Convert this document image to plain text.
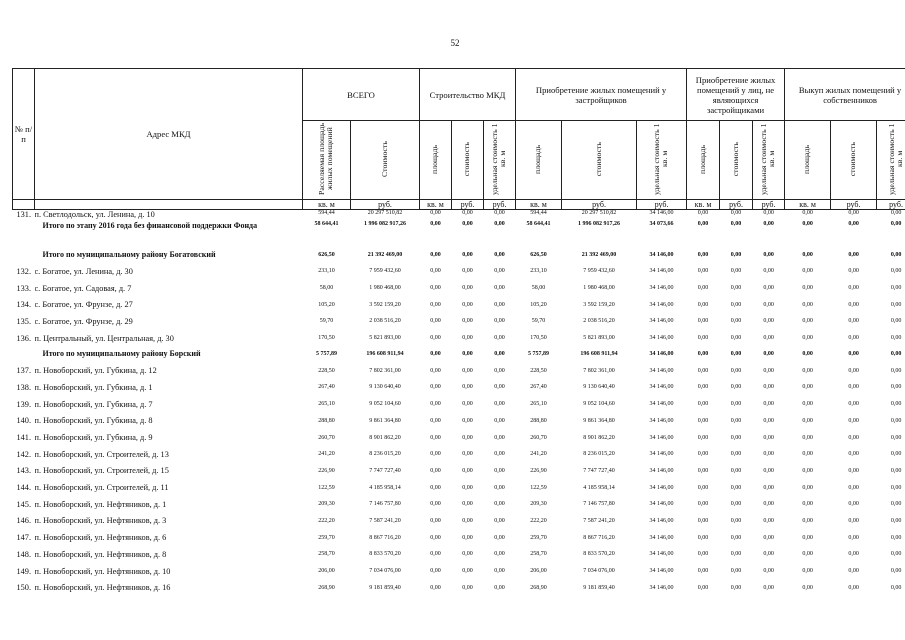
52
№ п/п	Адрес МКД	ВСЕГО		Строительство МКД			Приобретение жилых помещений у застройщиков			Приобретение жилых помещений у лиц, не являющихся застройщиками			Выкуп жилых помещений у собственников		
		Расселяемая площадь жилых помещений	Стоимость	площадь	стоимость	удельная стоимость 1 кв. м	площадь	стоимость	удельная стоимость 1 кв. м	площадь	стоимость	удельная стоимость 1 кв. м	площадь	стоимость	удельная стоимость 1 кв. м
		кв. м	руб.	кв. м	руб.	руб.	кв. м	руб.	руб.	кв. м	руб.	руб.	кв. м	руб.	руб.
131.	п. Светлодольск, ул. Ленина, д. 10	594,44	20 297 510,82	0,00	0,00	0,00	594,44	20 297 510,82	34 146,00	0,00	0,00	0,00	0,00	0,00	0,00
Итого по этапу 2016 года без финансовой поддержки Фонда		58 644,41	1 996 082 917,26	0,00	0,00	0,00	58 644,41	1 996 082 917,26	34 073,66	0,00	0,00	0,00	0,00	0,00	0,00
Итого по муниципальному району Богатовский		626,50	21 392 469,00	0,00	0,00	0,00	626,50	21 392 469,00	34 146,00	0,00	0,00	0,00	0,00	0,00	0,00
132.	с. Богатое, ул. Ленина, д. 30	233,10	7 959 432,60	0,00	0,00	0,00	233,10	7 959 432,60	34 146,00	0,00	0,00	0,00	0,00	0,00	0,00
133.	с. Богатое, ул. Садовая, д. 7	58,00	1 980 468,00	0,00	0,00	0,00	58,00	1 980 468,00	34 146,00	0,00	0,00	0,00	0,00	0,00	0,00
134.	с. Богатое, ул. Фрунзе, д. 27	105,20	3 592 159,20	0,00	0,00	0,00	105,20	3 592 159,20	34 146,00	0,00	0,00	0,00	0,00	0,00	0,00
135.	с. Богатое, ул. Фрунзе, д. 29	59,70	2 038 516,20	0,00	0,00	0,00	59,70	2 038 516,20	34 146,00	0,00	0,00	0,00	0,00	0,00	0,00
136.	п. Центральный, ул. Центральная, д. 30	170,50	5 821 893,00	0,00	0,00	0,00	170,50	5 821 893,00	34 146,00	0,00	0,00	0,00	0,00	0,00	0,00
Итого по муниципальному району Борский		5 757,89	196 608 911,94	0,00	0,00	0,00	5 757,89	196 608 911,94	34 146,00	0,00	0,00	0,00	0,00	0,00	0,00
137.	п. Новоборский, ул. Губкина, д. 12	228,50	7 802 361,00	0,00	0,00	0,00	228,50	7 802 361,00	34 146,00	0,00	0,00	0,00	0,00	0,00	0,00
138.	п. Новоборский, ул. Губкина, д. 1	267,40	9 130 640,40	0,00	0,00	0,00	267,40	9 130 640,40	34 146,00	0,00	0,00	0,00	0,00	0,00	0,00
139.	п. Новоборский, ул. Губкина, д. 7	265,10	9 052 104,60	0,00	0,00	0,00	265,10	9 052 104,60	34 146,00	0,00	0,00	0,00	0,00	0,00	0,00
140.	п. Новоборский, ул. Губкина, д. 8	288,80	9 861 364,80	0,00	0,00	0,00	288,80	9 861 364,80	34 146,00	0,00	0,00	0,00	0,00	0,00	0,00
141.	п. Новоборский, ул. Губкина, д. 9	260,70	8 901 862,20	0,00	0,00	0,00	260,70	8 901 862,20	34 146,00	0,00	0,00	0,00	0,00	0,00	0,00
142.	п. Новоборский, ул. Строителей, д. 13	241,20	8 236 015,20	0,00	0,00	0,00	241,20	8 236 015,20	34 146,00	0,00	0,00	0,00	0,00	0,00	0,00
143.	п. Новоборский, ул. Строителей, д. 15	226,90	7 747 727,40	0,00	0,00	0,00	226,90	7 747 727,40	34 146,00	0,00	0,00	0,00	0,00	0,00	0,00
144.	п. Новоборский, ул. Строителей, д. 11	122,59	4 185 958,14	0,00	0,00	0,00	122,59	4 185 958,14	34 146,00	0,00	0,00	0,00	0,00	0,00	0,00
145.	п. Новоборский, ул. Нефтяников, д. 1	209,30	7 146 757,80	0,00	0,00	0,00	209,30	7 146 757,80	34 146,00	0,00	0,00	0,00	0,00	0,00	0,00
146.	п. Новоборский, ул. Нефтяников, д. 3	222,20	7 587 241,20	0,00	0,00	0,00	222,20	7 587 241,20	34 146,00	0,00	0,00	0,00	0,00	0,00	0,00
147.	п. Новоборский, ул. Нефтяников, д. 6	259,70	8 867 716,20	0,00	0,00	0,00	259,70	8 867 716,20	34 146,00	0,00	0,00	0,00	0,00	0,00	0,00
148.	п. Новоборский, ул. Нефтяников, д. 8	258,70	8 833 570,20	0,00	0,00	0,00	258,70	8 833 570,20	34 146,00	0,00	0,00	0,00	0,00	0,00	0,00
149.	п. Новоборский, ул. Нефтяников, д. 10	206,00	7 034 076,00	0,00	0,00	0,00	206,00	7 034 076,00	34 146,00	0,00	0,00	0,00	0,00	0,00	0,00
150.	п. Новоборский, ул. Нефтяников, д. 16	268,90	9 181 859,40	0,00	0,00	0,00	268,90	9 181 859,40	34 146,00	0,00	0,00	0,00	0,00	0,00	0,00
